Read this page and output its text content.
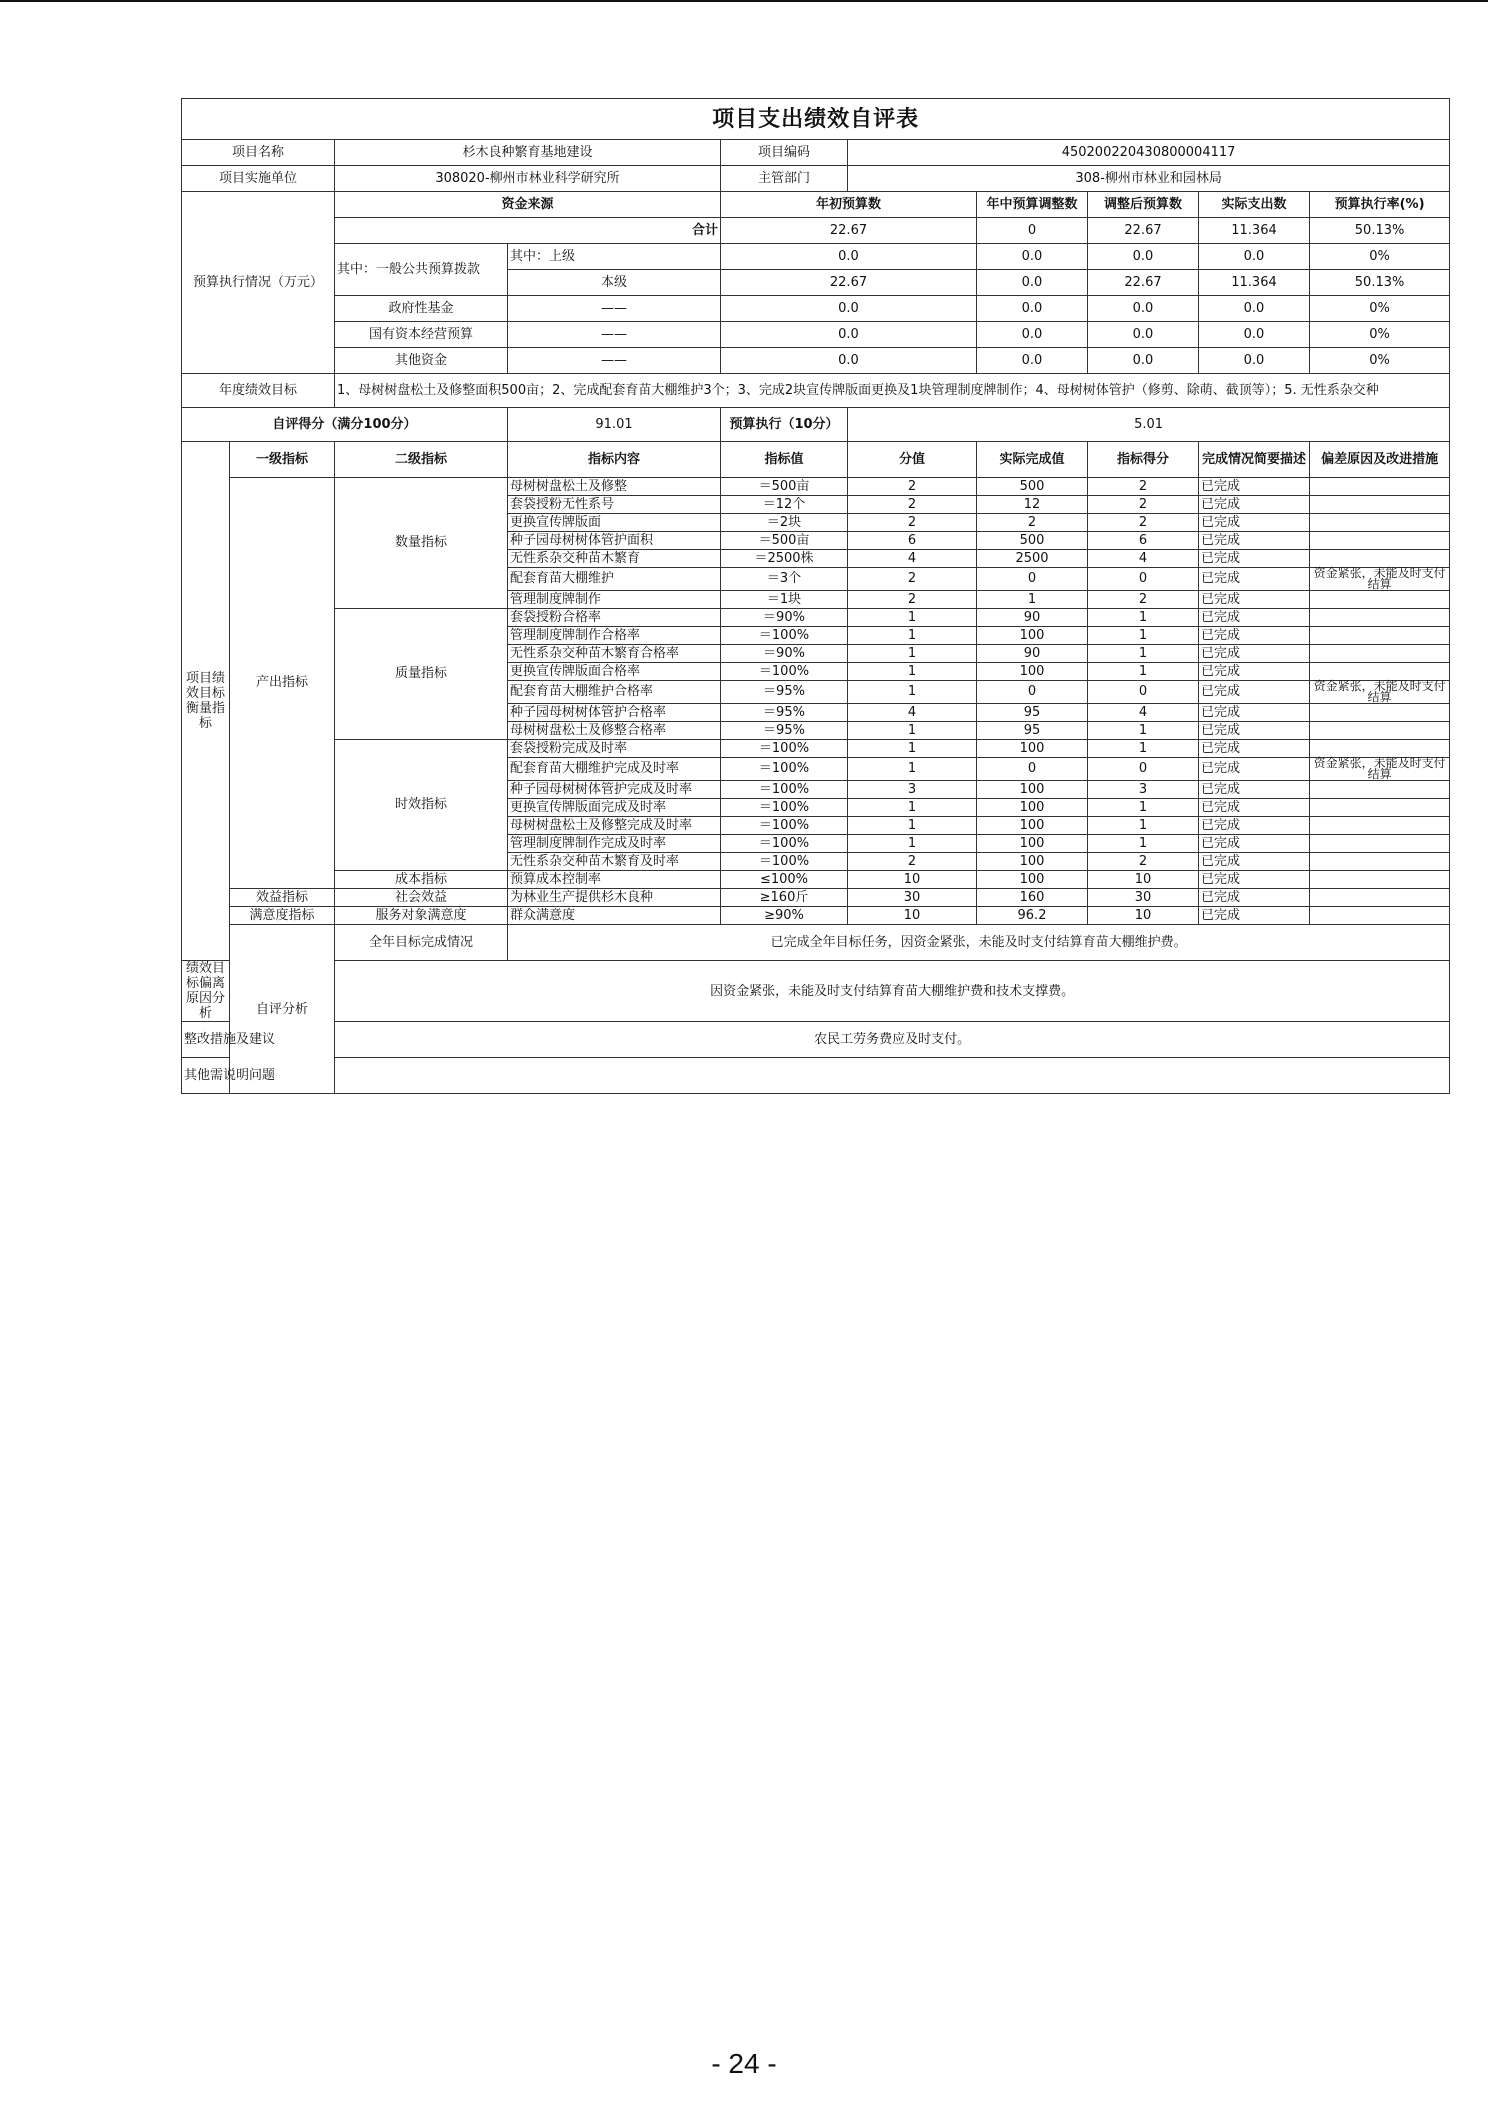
项目支出绩效自评表									
项目名称		杉木良种繁育基地建设		项目编码	450200220430800004117				
项目实施单位		308020-柳州市林业科学研究所		主管部门	308-柳州市林业和园林局				
预算执行情况（万元）		资金来源		年初预算数		年中预算调整数	调整后预算数	实际支出数	预算执行率(%)
		合计		22.67		0	22.67	11.364	50.13%
		其中：一般公共预算拨款	其中：上级	0.0		0.0	0.0	0.0	0%
			本级	22.67		0.0	22.67	11.364	50.13%
		政府性基金	——	0.0		0.0	0.0	0.0	0%
		国有资本经营预算	——	0.0		0.0	0.0	0.0	0%
		其他资金	——	0.0		0.0	0.0	0.0	0%
年度绩效目标		1、母树树盘松土及修整面积500亩；2、完成配套育苗大棚维护3个；3、完成2块宣传牌版面更换及1块管理制度牌制作；4、母树树体管护（修剪、除萌、截顶等）；5. 无性系杂交种							
自评得分（满分100分）			91.01	预算执行（10分）	5.01				
项目绩效目标衡量指标	一级指标	二级指标	指标内容	指标值	分值	实际完成值	指标得分	完成情况简要描述	偏差原因及改进措施
	产出指标	数量指标	母树树盘松土及修整	＝500亩	2	500	2	已完成	
			套袋授粉无性系号	＝12个	2	12	2	已完成	
			更换宣传牌版面	＝2块	2	2	2	已完成	
			种子园母树树体管护面积	＝500亩	6	500	6	已完成	
			无性系杂交种苗木繁育	＝2500株	4	2500	4	已完成	
			配套育苗大棚维护	＝3个	2	0	0	已完成	资金紧张，未能及时支付结算
			管理制度牌制作	＝1块	2	1	2	已完成	
		质量指标	套袋授粉合格率	＝90%	1	90	1	已完成	
			管理制度牌制作合格率	＝100%	1	100	1	已完成	
			无性系杂交种苗木繁育合格率	＝90%	1	90	1	已完成	
			更换宣传牌版面合格率	＝100%	1	100	1	已完成	
			配套育苗大棚维护合格率	＝95%	1	0	0	已完成	资金紧张，未能及时支付结算
			种子园母树树体管护合格率	＝95%	4	95	4	已完成	
			母树树盘松土及修整合格率	＝95%	1	95	1	已完成	
		时效指标	套袋授粉完成及时率	＝100%	1	100	1	已完成	
			配套育苗大棚维护完成及时率	＝100%	1	0	0	已完成	资金紧张，未能及时支付结算
			种子园母树树体管护完成及时率	＝100%	3	100	3	已完成	
			更换宣传牌版面完成及时率	＝100%	1	100	1	已完成	
			母树树盘松土及修整完成及时率	＝100%	1	100	1	已完成	
			管理制度牌制作完成及时率	＝100%	1	100	1	已完成	
			无性系杂交种苗木繁育及时率	＝100%	2	100	2	已完成	
		成本指标	预算成本控制率	≤100%	10	100	10	已完成	
	效益指标	社会效益	为林业生产提供杉木良种	≥160斤	30	160	30	已完成	
	满意度指标	服务对象满意度	群众满意度	≥90%	10	96.2	10	已完成	
	自评分析	全年目标完成情况	已完成全年目标任务，因资金紧张，未能及时支付结算育苗大棚维护费。						
绩效目标偏离原因分析		因资金紧张，未能及时支付结算育苗大棚维护费和技术支撑费。							
整改措施及建议		农民工劳务费应及时支付。							
其他需说明问题									
- 24 -
